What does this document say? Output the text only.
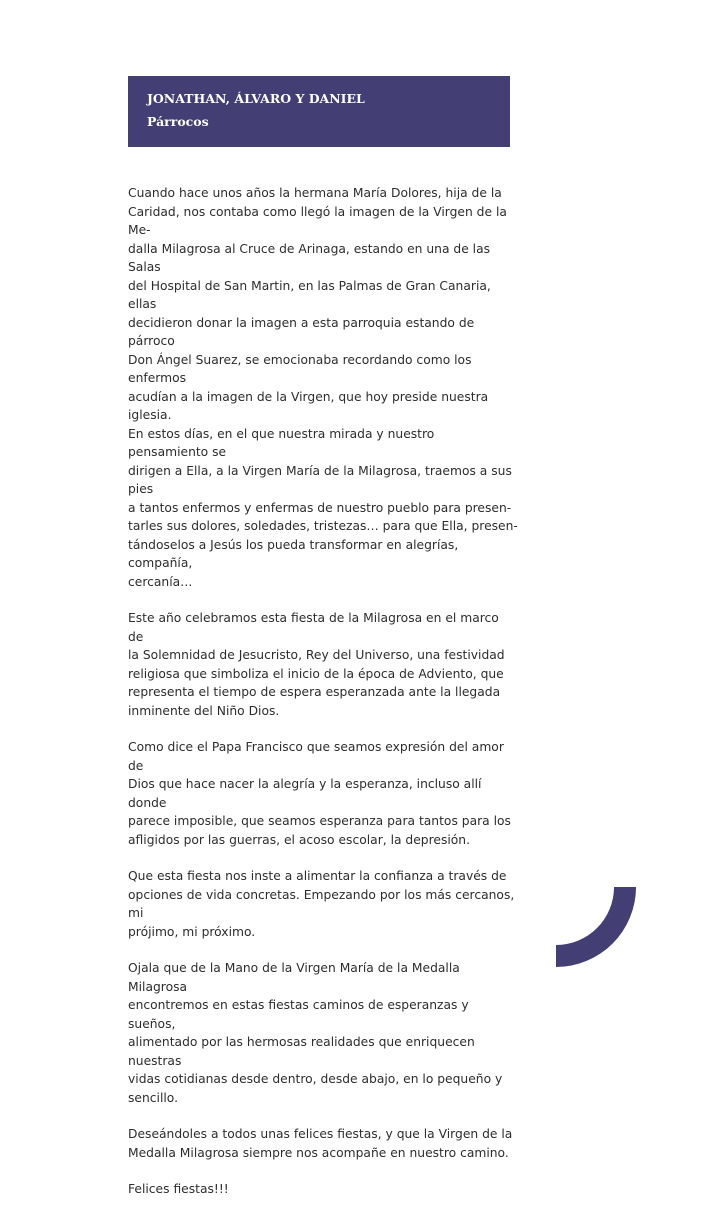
JONATHAN, ÁLVARO Y DANIEL
Párrocos

Cuando hace unos años la hermana María Dolores, hija de la
Caridad, nos contaba como llegó la imagen de la Virgen de la Me-
dalla Milagrosa al Cruce de Arinaga, estando en una de las Salas
del Hospital de San Martin, en las Palmas de Gran Canaria, ellas
decidieron donar la imagen a esta parroquia estando de párroco
Don Ángel Suarez, se emocionaba recordando como los enfermos
acudían a la imagen de la Virgen, que hoy preside nuestra iglesia.
En estos días, en el que nuestra mirada y nuestro pensamiento se
dirigen a Ella, a la Virgen María de la Milagrosa, traemos a sus pies
a tantos enfermos y enfermas de nuestro pueblo para presen-
tarles sus dolores, soledades, tristezas… para que Ella, presen-
tándoselos a Jesús los pueda transformar en alegrías, compañía,
cercanía…

Este año celebramos esta fiesta de la Milagrosa en el marco de
la Solemnidad de Jesucristo, Rey del Universo, una festividad
religiosa que simboliza el inicio de la época de Adviento, que
representa el tiempo de espera esperanzada ante la llegada
inminente del Niño Dios.

Como dice el Papa Francisco que seamos expresión del amor de
Dios que hace nacer la alegría y la esperanza, incluso allí donde
parece imposible, que seamos esperanza para tantos para los
afligidos por las guerras, el acoso escolar, la depresión.

Que esta fiesta nos inste a alimentar la confianza a través de
opciones de vida concretas. Empezando por los más cercanos, mi
prójimo, mi próximo.

Ojala que de la Mano de la Virgen María de la Medalla Milagrosa
encontremos en estas fiestas caminos de esperanzas y sueños,
alimentado por las hermosas realidades que enriquecen nuestras
vidas cotidianas desde dentro, desde abajo, en lo pequeño y
sencillo.

Deseándoles a todos unas felices fiestas, y que la Virgen de la
Medalla Milagrosa siempre nos acompañe en nuestro camino.

Felices fiestas!!!
